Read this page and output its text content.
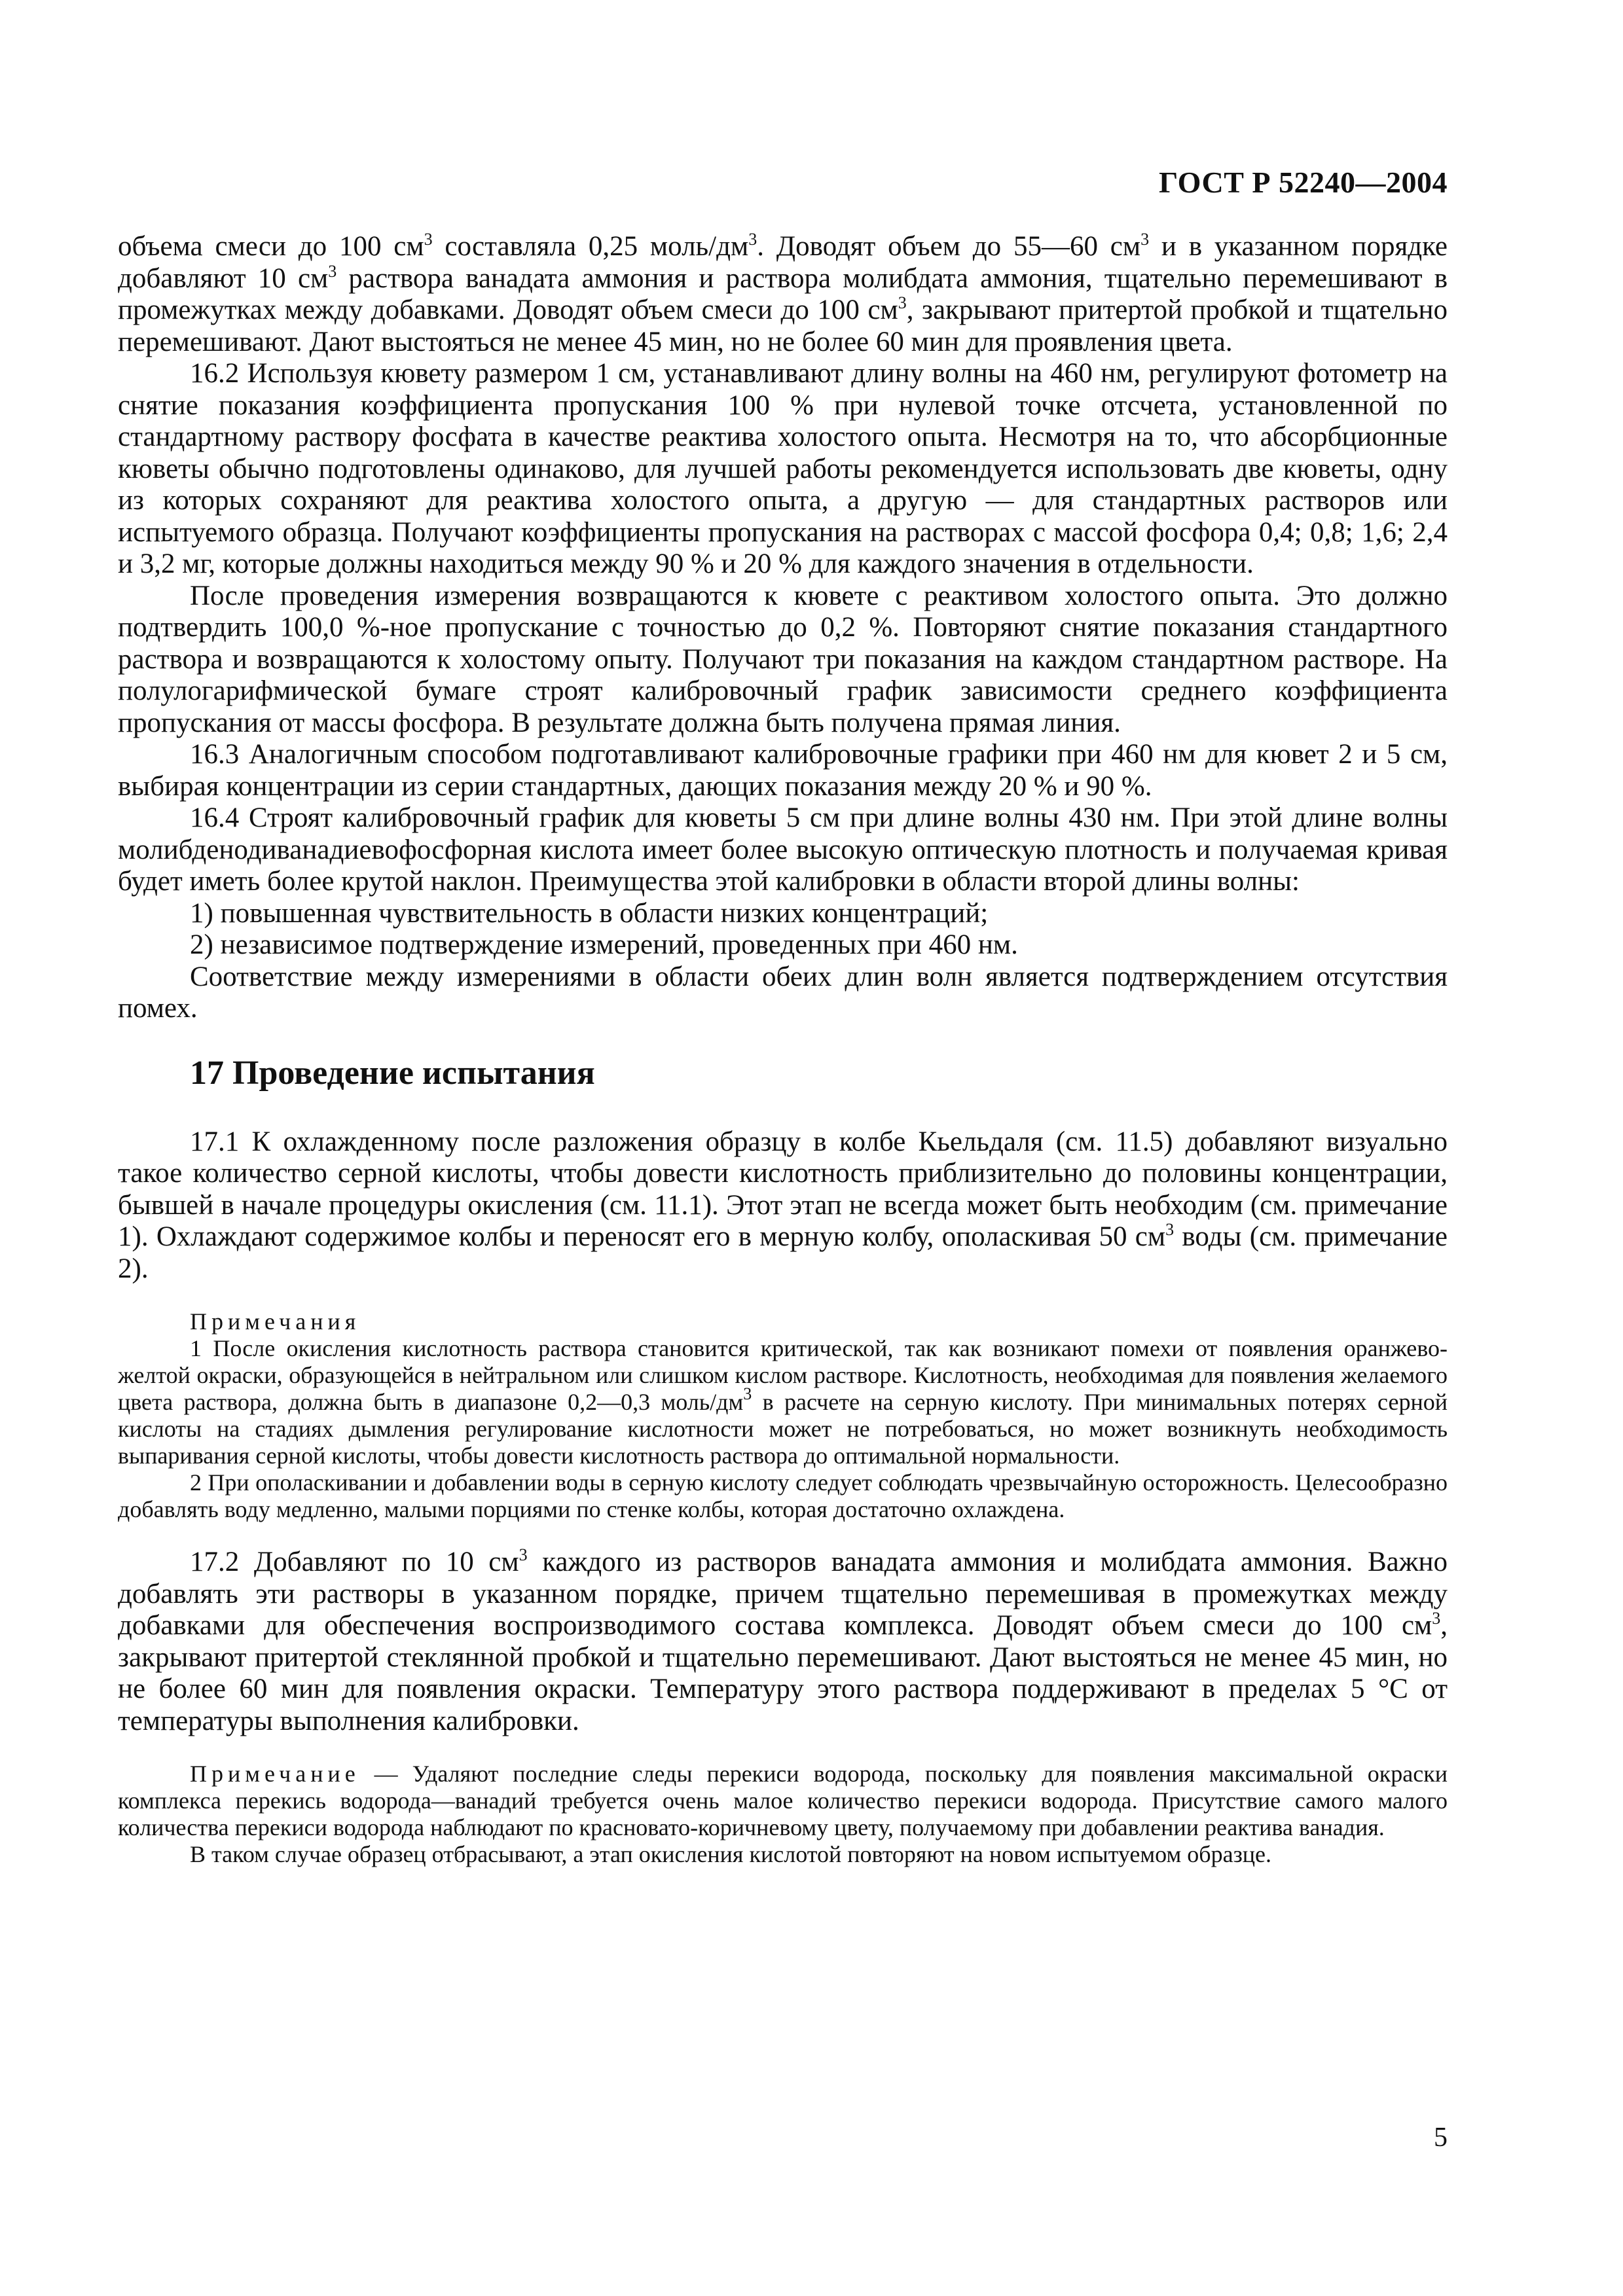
ГОСТ Р 52240—2004

объема смеси до 100 $см^3$ составляла 0,25 моль/$дм^3$. Доводят объем до 55—60 $см^3$ и в указанном порядке добавляют 10 $см^3$ раствора ванадата аммония и раствора молибдата аммония, тщательно перемешивают в промежутках между добавками. Доводят объем смеси до 100 $см^3$, закрывают притертой пробкой и тщательно перемешивают. Дают выстояться не менее 45 мин, но не более 60 мин для проявления цвета.

16.2 Используя кювету размером 1 см, устанавливают длину волны на 460 нм, регулируют фотометр на снятие показания коэффициента пропускания 100 % при нулевой точке отсчета, установленной по стандартному раствору фосфата в качестве реактива холостого опыта. Несмотря на то, что абсорбционные кюветы обычно подготовлены одинаково, для лучшей работы рекомендуется использовать две кюветы, одну из которых сохраняют для реактива холостого опыта, а другую — для стандартных растворов или испытуемого образца. Получают коэффициенты пропускания на растворах с массой фосфора 0,4; 0,8; 1,6; 2,4 и 3,2 мг, которые должны находиться между 90 % и 20 % для каждого значения в отдельности.

После проведения измерения возвращаются к кювете с реактивом холостого опыта. Это должно подтвердить 100,0 %-ное пропускание с точностью до 0,2 %. Повторяют снятие показания стандартного раствора и возвращаются к холостому опыту. Получают три показания на каждом стандартном растворе. На полулогарифмической бумаге строят калибровочный график зависимости среднего коэффициента пропускания от массы фосфора. В результате должна быть получена прямая линия.

16.3 Аналогичным способом подготавливают калибровочные графики при 460 нм для кювет 2 и 5 см, выбирая концентрации из серии стандартных, дающих показания между 20 % и 90 %.

16.4 Строят калибровочный график для кюветы 5 см при длине волны 430 нм. При этой длине волны молибденодиванадиевофосфорная кислота имеет более высокую оптическую плотность и получаемая кривая будет иметь более крутой наклон. Преимущества этой калибровки в области второй длины волны:

1) повышенная чувствительность в области низких концентраций;

2) независимое подтверждение измерений, проведенных при 460 нм.

Соответствие между измерениями в области обеих длин волн является подтверждением отсутствия помех.

17 Проведение испытания

17.1 К охлажденному после разложения образцу в колбе Кьельдаля (см. 11.5) добавляют визуально такое количество серной кислоты, чтобы довести кислотность приблизительно до половины концентрации, бывшей в начале процедуры окисления (см. 11.1). Этот этап не всегда может быть необходим (см. примечание 1). Охлаждают содержимое колбы и переносят его в мерную колбу, ополаскивая 50 $см^3$ воды (см. примечание 2).

Примечания

1 После окисления кислотность раствора становится критической, так как возникают помехи от появления оранжево-желтой окраски, образующейся в нейтральном или слишком кислом растворе. Кислотность, необходимая для появления желаемого цвета раствора, должна быть в диапазоне 0,2—0,3 моль/$дм^3$ в расчете на серную кислоту. При минимальных потерях серной кислоты на стадиях дымления регулирование кислотности может не потребоваться, но может возникнуть необходимость выпаривания серной кислоты, чтобы довести кислотность раствора до оптимальной нормальности.

2 При ополаскивании и добавлении воды в серную кислоту следует соблюдать чрезвычайную осторожность. Целесообразно добавлять воду медленно, малыми порциями по стенке колбы, которая достаточно охлаждена.

17.2 Добавляют по 10 $см^3$ каждого из растворов ванадата аммония и молибдата аммония. Важно добавлять эти растворы в указанном порядке, причем тщательно перемешивая в промежутках между добавками для обеспечения воспроизводимого состава комплекса. Доводят объем смеси до 100 $см^3$, закрывают притертой стеклянной пробкой и тщательно перемешивают. Дают выстояться не менее 45 мин, но не более 60 мин для появления окраски. Температуру этого раствора поддерживают в пределах 5 °С от температуры выполнения калибровки.

Примечание — Удаляют последние следы перекиси водорода, поскольку для появления максимальной окраски комплекса перекись водорода—ванадий требуется очень малое количество перекиси водорода. Присутствие самого малого количества перекиси водорода наблюдают по красновато-коричневому цвету, получаемому при добавлении реактива ванадия.

В таком случае образец отбрасывают, а этап окисления кислотой повторяют на новом испытуемом образце.

5
